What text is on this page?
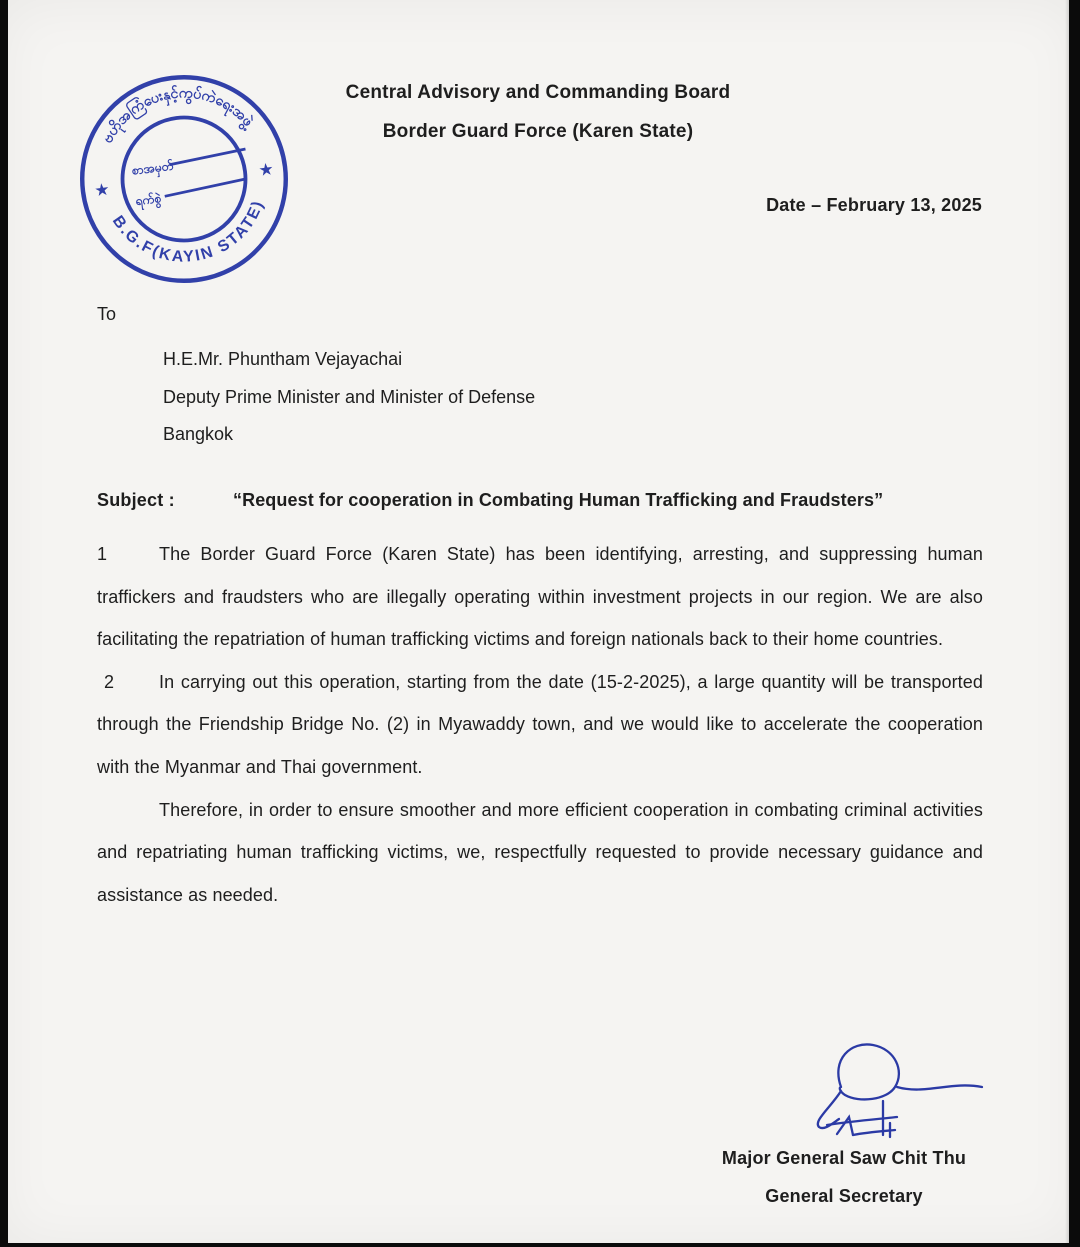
ဗဟိုအကြံပေးနှင့်ကွပ်ကဲရေးအဖွဲ့
B.G.F(KAYIN STATE)
★
★
စာအမှတ်
ရက်စွဲ
Central Advisory and Commanding Board
Border Guard Force (Karen State)
Date – February 13, 2025
To
H.E.Mr. Phuntham Vejayachai
Deputy Prime Minister and Minister of Defense
Bangkok
Subject :	“Request for cooperation in Combating Human Trafficking and Fraudsters”

1	The Border Guard Force (Karen State) has been identifying, arresting, and suppressing human traffickers and fraudsters who are illegally operating within investment projects in our region. We are also facilitating the repatriation of human trafficking victims and foreign nationals back to their home countries.

2 In carrying out this operation, starting from the date (15-2-2025), a large quantity will be transported through the Friendship Bridge No. (2) in Myawaddy town, and we would like to accelerate the cooperation with the Myanmar and Thai government.

Therefore, in order to ensure smoother and more efficient cooperation in combating criminal activities and repatriating human trafficking victims, we, respectfully requested to provide necessary guidance and assistance as needed.

Major General Saw Chit Thu
General Secretary
